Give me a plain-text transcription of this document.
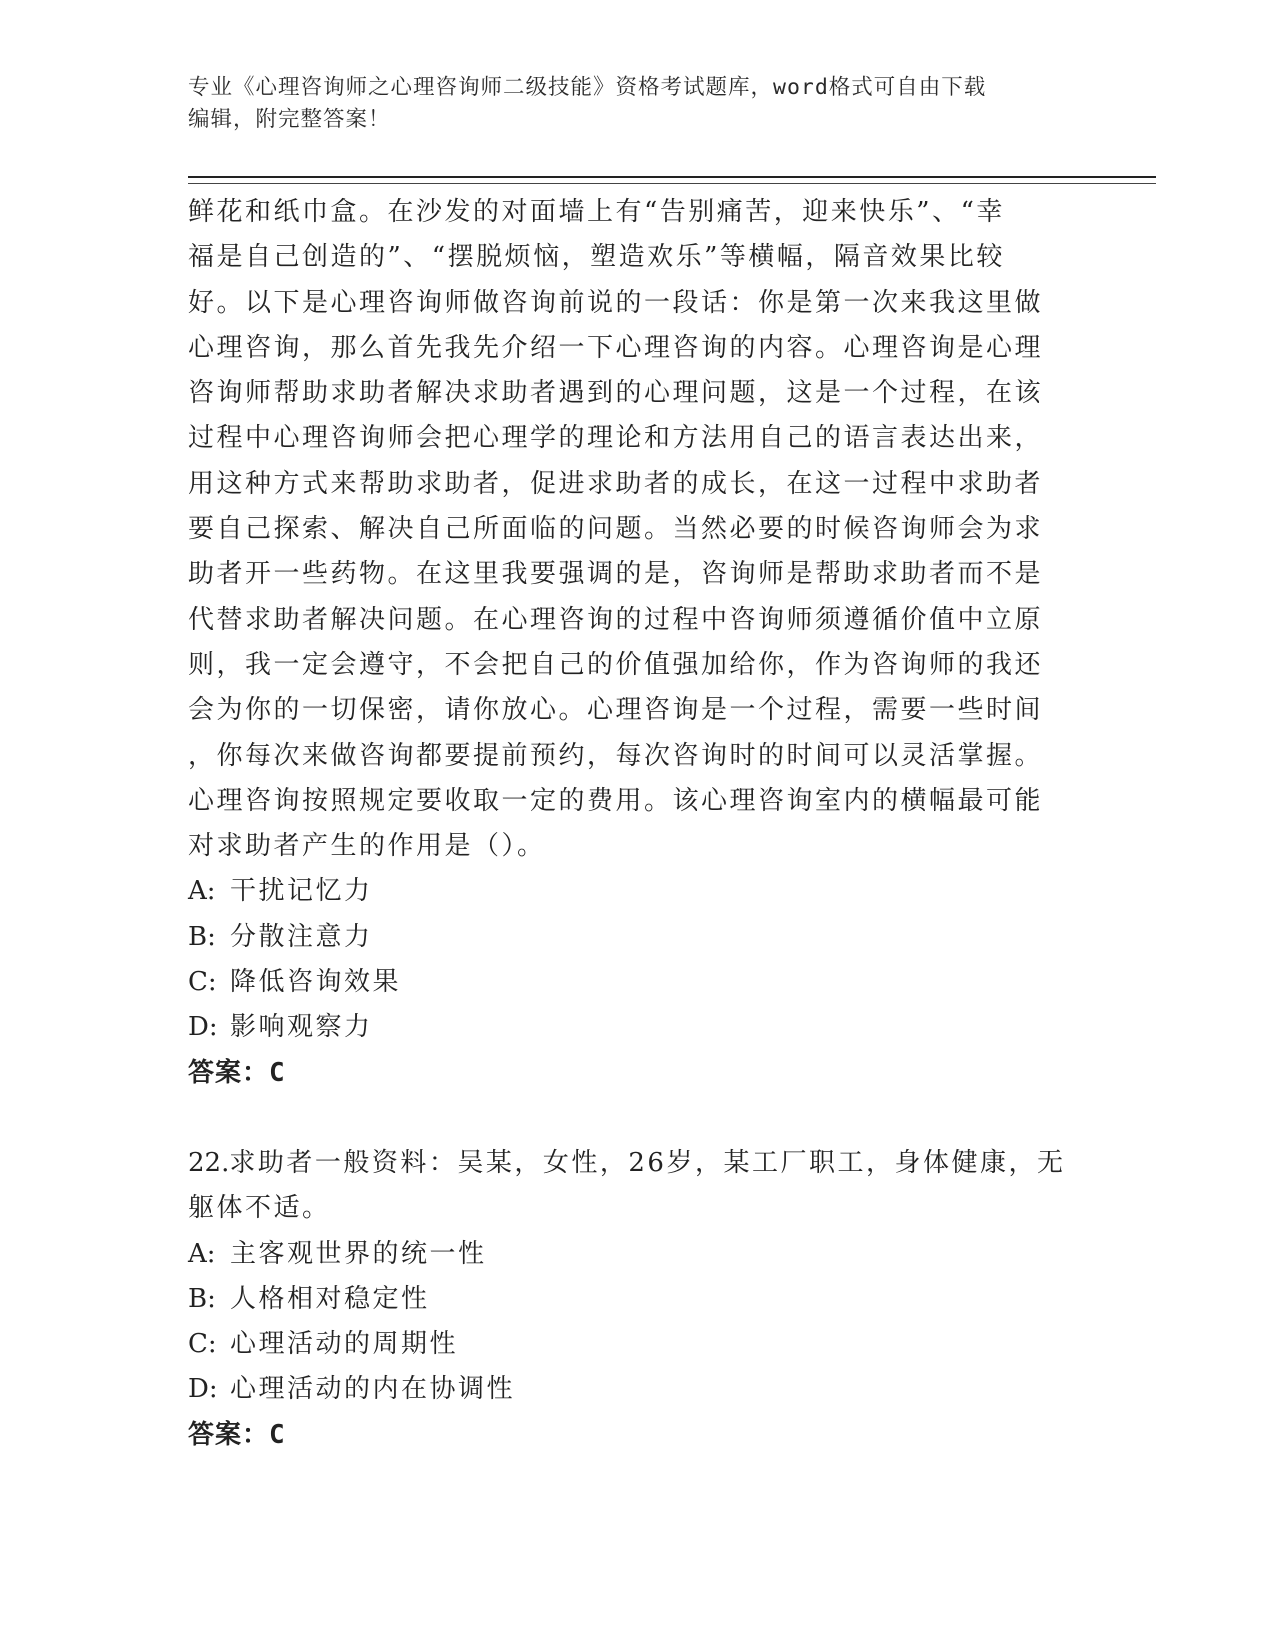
专业《心理咨询师之心理咨询师二级技能》资格考试题库，word格式可自由下载

编辑，附完整答案！

鲜花和纸巾盒。在沙发的对面墙上有“告别痛苦，迎来快乐”、“幸

福是自己创造的”、“摆脱烦恼，塑造欢乐”等横幅，隔音效果比较

好。以下是心理咨询师做咨询前说的一段话：你是第一次来我这里做

心理咨询，那么首先我先介绍一下心理咨询的内容。心理咨询是心理

咨询师帮助求助者解决求助者遇到的心理问题，这是一个过程，在该

过程中心理咨询师会把心理学的理论和方法用自己的语言表达出来，

用这种方式来帮助求助者，促进求助者的成长，在这一过程中求助者

要自己探索、解决自己所面临的问题。当然必要的时候咨询师会为求

助者开一些药物。在这里我要强调的是，咨询师是帮助求助者而不是

代替求助者解决问题。在心理咨询的过程中咨询师须遵循价值中立原

则，我一定会遵守，不会把自己的价值强加给你，作为咨询师的我还

会为你的一切保密，请你放心。心理咨询是一个过程，需要一些时间

，你每次来做咨询都要提前预约，每次咨询时的时间可以灵活掌握。

心理咨询按照规定要收取一定的费用。该心理咨询室内的横幅最可能

对求助者产生的作用是（）。

A: 干扰记忆力
B: 分散注意力
C: 降低咨询效果
D: 影响观察力
答案：C

22.求助者一般资料：吴某，女性，26岁，某工厂职工，身体健康，无

躯体不适。

A: 主客观世界的统一性
B: 人格相对稳定性
C: 心理活动的周期性
D: 心理活动的内在协调性
答案：C
